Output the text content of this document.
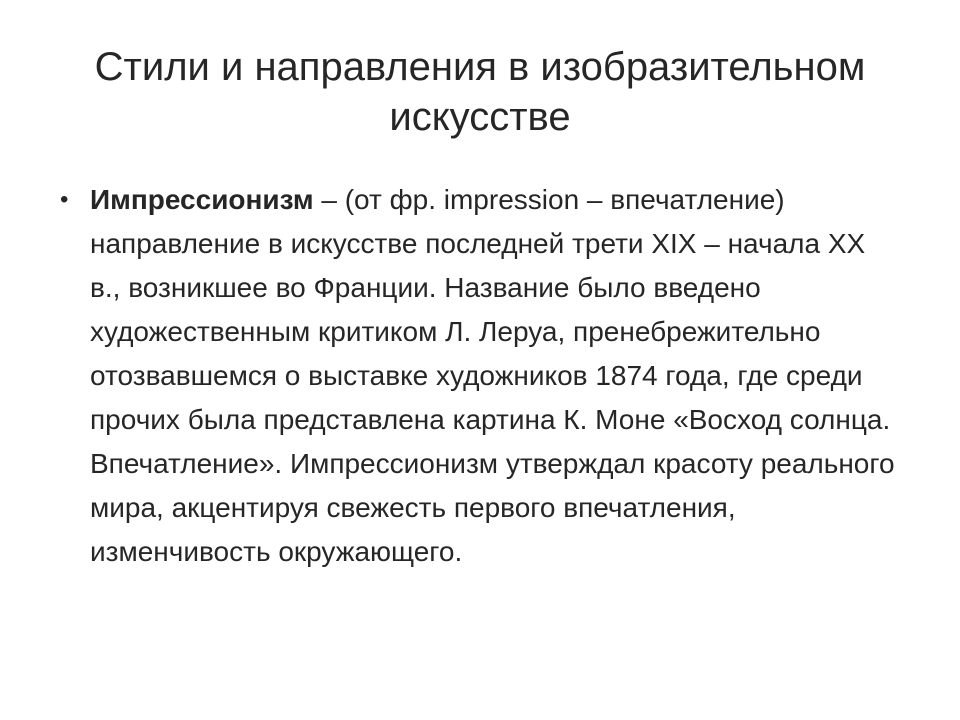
Стили и направления в изобразительном искусстве
• Импрессионизм – (от фр. impression – впечатление) направление в искусстве последней трети XIX – начала XX в., возникшее во Франции. Название было введено художественным критиком Л. Леруа, пренебрежительно отозвавшемся о выставке художников 1874 года, где среди прочих была представлена картина К. Моне «Восход солнца. Впечатление». Импрессионизм утверждал красоту реального мира, акцентируя свежесть первого впечатления, изменчивость окружающего.
